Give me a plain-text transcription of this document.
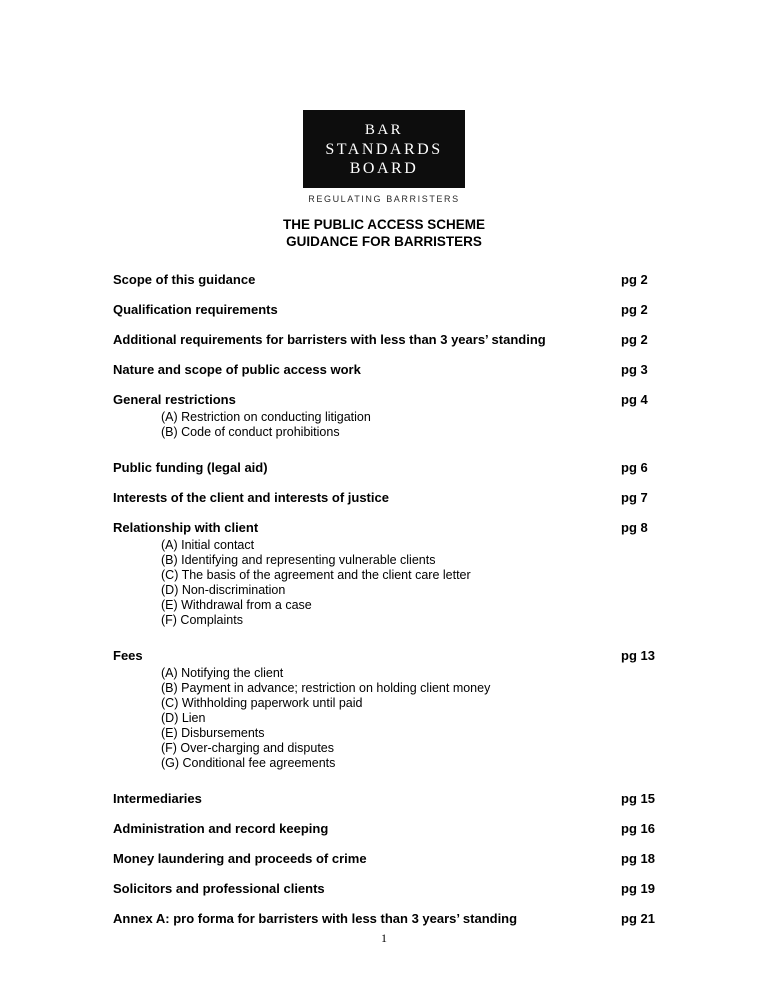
BAR
STANDARDS
BOARD
REGULATING BARRISTERS
THE PUBLIC ACCESS SCHEME
GUIDANCE FOR BARRISTERS
Scope of this guidance	pg 2
Qualification requirements	pg 2
Additional requirements for barristers with less than 3 years’ standing	pg 2
Nature and scope of public access work	pg 3
General restrictions	pg 4
(A) Restriction on conducting litigation
(B) Code of conduct prohibitions
Public funding (legal aid)	pg 6
Interests of the client and interests of justice	pg 7
Relationship with client	pg 8
(A) Initial contact
(B) Identifying and representing vulnerable clients
(C) The basis of the agreement and the client care letter
(D) Non-discrimination
(E) Withdrawal from a case
(F) Complaints
Fees	pg 13
(A) Notifying the client
(B) Payment in advance; restriction on holding client money
(C) Withholding paperwork until paid
(D) Lien
(E) Disbursements
(F) Over-charging and disputes
(G) Conditional fee agreements
Intermediaries	pg 15
Administration and record keeping	pg 16
Money laundering and proceeds of crime	pg 18
Solicitors and professional clients	pg 19
Annex A: pro forma for barristers with less than 3 years’ standing	pg 21
1
